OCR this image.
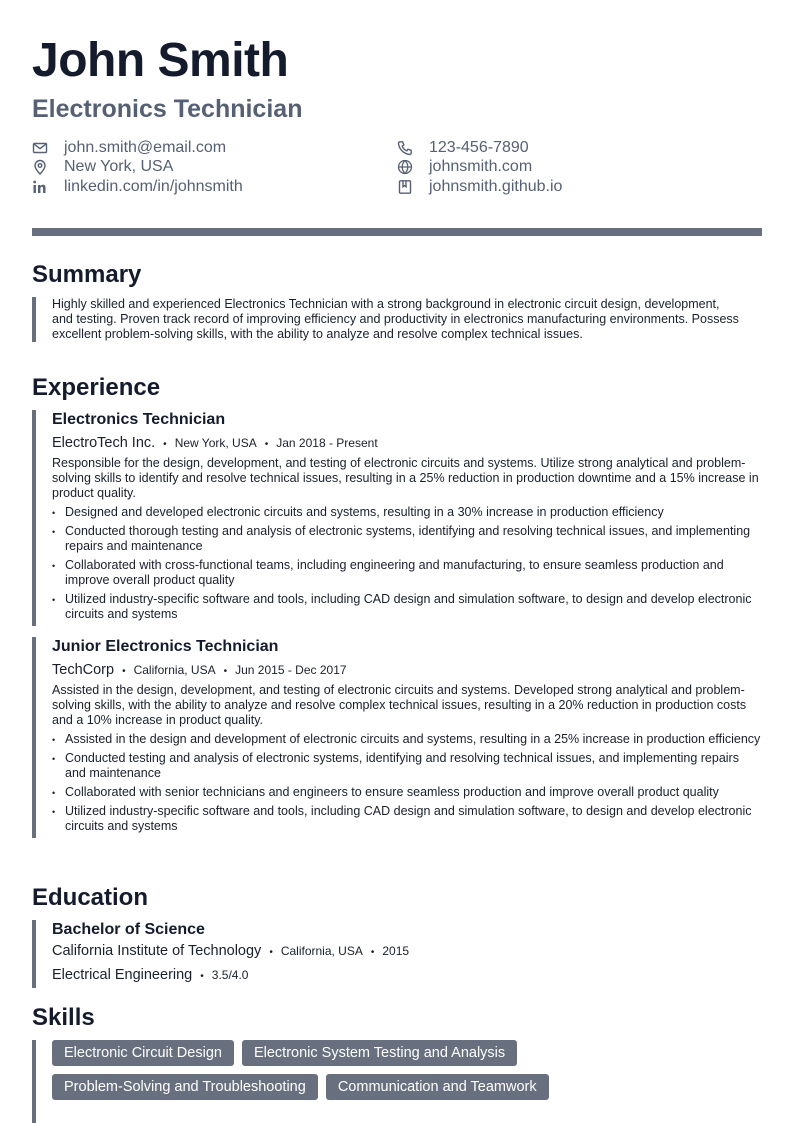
John Smith
Electronics Technician
john.smith@email.com
New York, USA
linkedin.com/in/johnsmith
123-456-7890
johnsmith.com
johnsmith.github.io
Summary
Highly skilled and experienced Electronics Technician with a strong background in electronic circuit design, development, and testing. Proven track record of improving efficiency and productivity in electronics manufacturing environments. Possess excellent problem-solving skills, with the ability to analyze and resolve complex technical issues.
Experience
Electronics Technician
ElectroTech Inc. • New York, USA • Jan 2018 - Present
Responsible for the design, development, and testing of electronic circuits and systems. Utilize strong analytical and problem-solving skills to identify and resolve technical issues, resulting in a 25% reduction in production downtime and a 15% increase in product quality.
• Designed and developed electronic circuits and systems, resulting in a 30% increase in production efficiency
• Conducted thorough testing and analysis of electronic systems, identifying and resolving technical issues, and implementing repairs and maintenance
• Collaborated with cross-functional teams, including engineering and manufacturing, to ensure seamless production and improve overall product quality
• Utilized industry-specific software and tools, including CAD design and simulation software, to design and develop electronic circuits and systems
Junior Electronics Technician
TechCorp • California, USA • Jun 2015 - Dec 2017
Assisted in the design, development, and testing of electronic circuits and systems. Developed strong analytical and problem-solving skills, with the ability to analyze and resolve complex technical issues, resulting in a 20% reduction in production costs and a 10% increase in product quality.
• Assisted in the design and development of electronic circuits and systems, resulting in a 25% increase in production efficiency
• Conducted testing and analysis of electronic systems, identifying and resolving technical issues, and implementing repairs and maintenance
• Collaborated with senior technicians and engineers to ensure seamless production and improve overall product quality
• Utilized industry-specific software and tools, including CAD design and simulation software, to design and develop electronic circuits and systems
Education
Bachelor of Science
California Institute of Technology • California, USA • 2015
Electrical Engineering • 3.5/4.0
Skills
Electronic Circuit Design	Electronic System Testing and Analysis
Problem-Solving and Troubleshooting	Communication and Teamwork
